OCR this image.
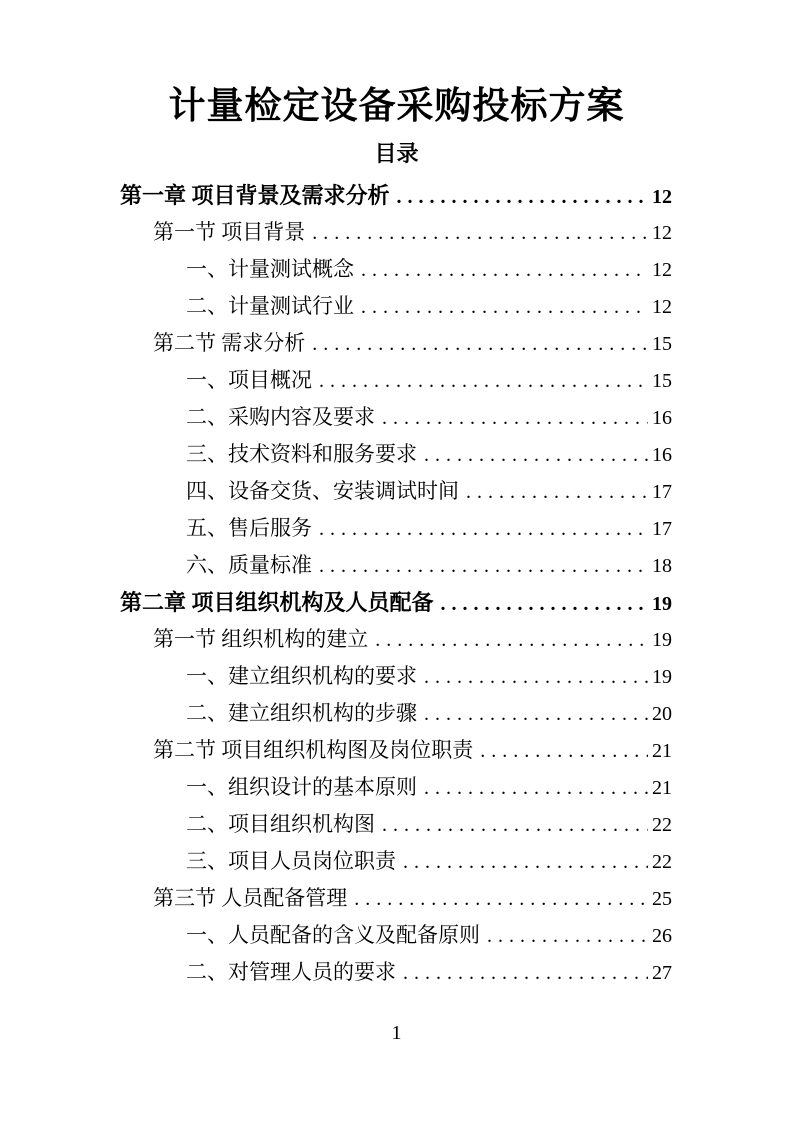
计量检定设备采购投标方案
目录
第一章 项目背景及需求分析 .....	12
第一节 项目背景 .....	12
一、计量测试概念 .....	12
二、计量测试行业 .....	12
第二节 需求分析 .....	15
一、项目概况 .....	15
二、采购内容及要求 .....	16
三、技术资料和服务要求 .....	16
四、设备交货、安装调试时间 .....	17
五、售后服务 .....	17
六、质量标准 .....	18
第二章 项目组织机构及人员配备 .....	19
第一节 组织机构的建立 .....	19
一、建立组织机构的要求 .....	19
二、建立组织机构的步骤 .....	20
第二节 项目组织机构图及岗位职责 .....	21
一、组织设计的基本原则 .....	21
二、项目组织机构图 .....	22
三、项目人员岗位职责 .....	22
第三节 人员配备管理 .....	25
一、人员配备的含义及配备原则 .....	26
二、对管理人员的要求 .....	27
1
